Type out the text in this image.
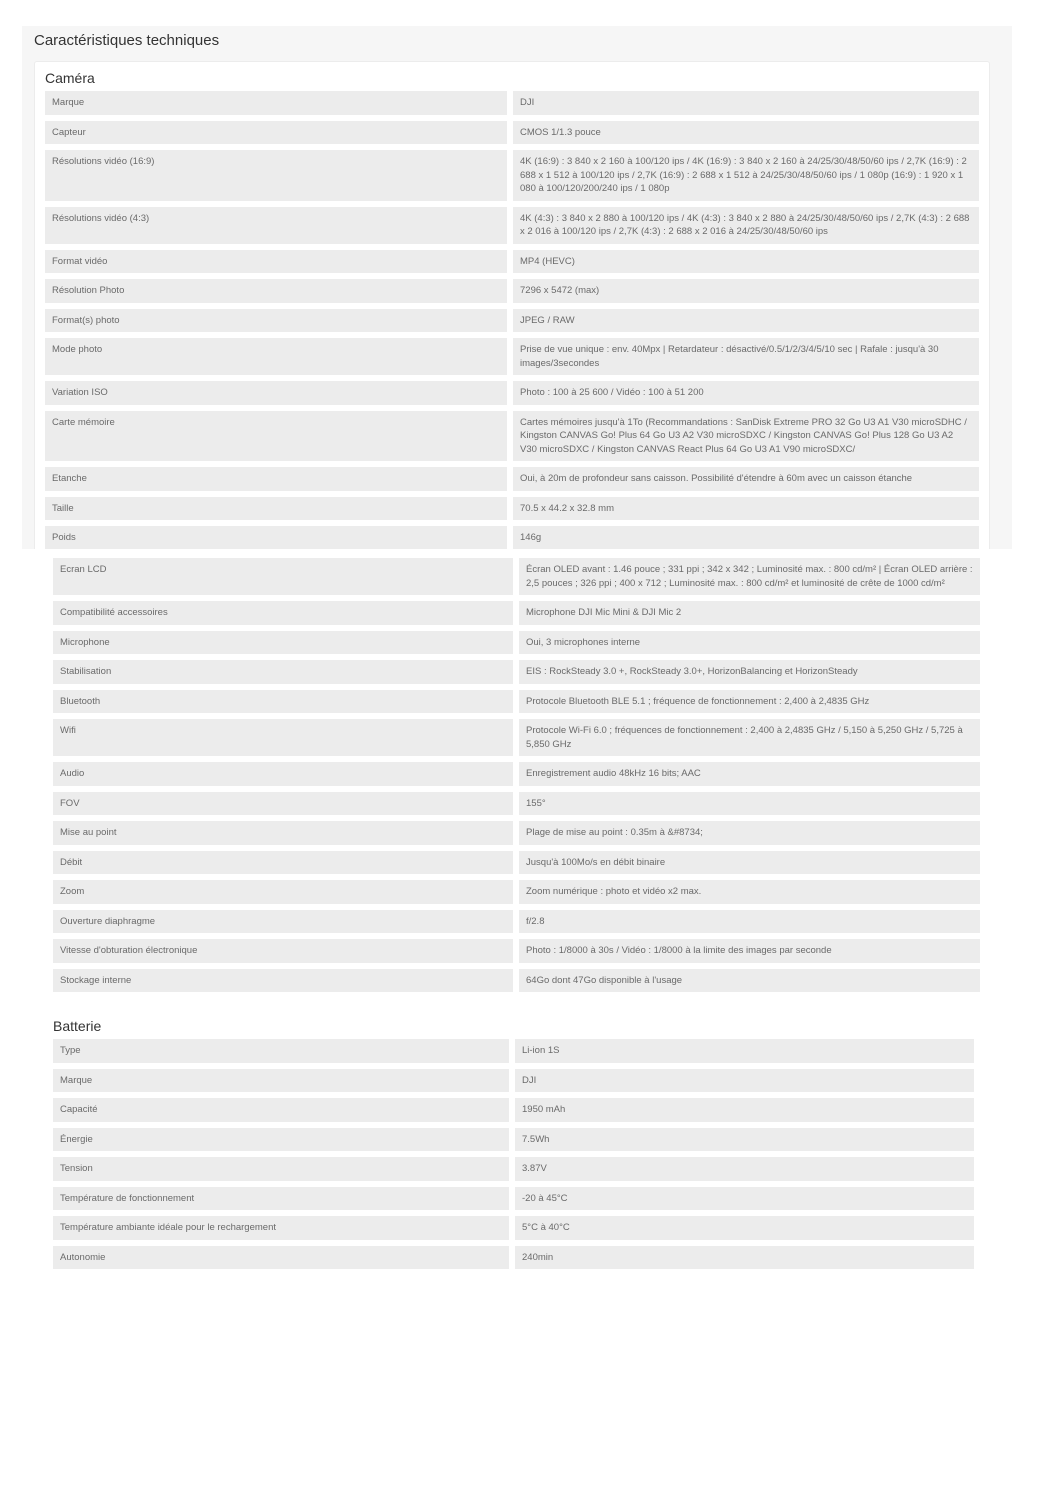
Caractéristiques techniques
Caméra
Marque	DJI
Capteur	CMOS 1/1.3 pouce
Résolutions vidéo (16:9)	4K (16:9) : 3 840 x 2 160 à 100/120 ips / 4K (16:9) : 3 840 x 2 160 à 24/25/30/48/50/60 ips / 2,7K (16:9) : 2 688 x 1 512 à 100/120 ips / 2,7K (16:9) : 2 688 x 1 512 à 24/25/30/48/50/60 ips / 1 080p (16:9) : 1 920 x 1 080 à 100/120/200/240 ips / 1 080p
Résolutions vidéo (4:3)	4K (4:3) : 3 840 x 2 880 à 100/120 ips / 4K (4:3) : 3 840 x 2 880 à 24/25/30/48/50/60 ips / 2,7K (4:3) : 2 688 x 2 016 à 100/120 ips / 2,7K (4:3) : 2 688 x 2 016 à 24/25/30/48/50/60 ips
Format vidéo	MP4 (HEVC)
Résolution Photo	7296 x 5472 (max)
Format(s) photo	JPEG / RAW
Mode photo	Prise de vue unique : env. 40Mpx | Retardateur : désactivé/0.5/1/2/3/4/5/10 sec | Rafale : jusqu'à 30 images/3secondes
Variation ISO	Photo : 100 à 25 600 / Vidéo : 100 à 51 200
Carte mémoire	Cartes mémoires jusqu'à 1To (Recommandations : SanDisk Extreme PRO 32 Go U3 A1 V30 microSDHC / Kingston CANVAS Go! Plus 64 Go U3 A2 V30 microSDXC / Kingston CANVAS Go! Plus 128 Go U3 A2 V30 microSDXC / Kingston CANVAS React Plus 64 Go U3 A1 V90 microSDXC/
Etanche	Oui, à 20m de profondeur sans caisson. Possibilité d'étendre à 60m avec un caisson étanche
Taille	70.5 x 44.2 x 32.8 mm
Poids	146g
Ecran LCD	Écran OLED avant : 1.46 pouce ; 331 ppi ; 342 x 342 ; Luminosité max. : 800 cd/m² | Écran OLED arrière : 2,5 pouces ; 326 ppi ; 400 x 712 ; Luminosité max. : 800 cd/m² et luminosité de crête de 1000 cd/m²
Compatibilité accessoires	Microphone DJI Mic Mini & DJI Mic 2
Microphone	Oui, 3 microphones interne
Stabilisation	EIS : RockSteady 3.0 +, RockSteady 3.0+, HorizonBalancing et HorizonSteady
Bluetooth	Protocole Bluetooth BLE 5.1 ; fréquence de fonctionnement : 2,400 à 2,4835 GHz
Wifi	Protocole Wi-Fi 6.0 ; fréquences de fonctionnement : 2,400 à 2,4835 GHz / 5,150 à 5,250 GHz / 5,725 à 5,850 GHz
Audio	Enregistrement audio 48kHz 16 bits; AAC
FOV	155°
Mise au point	Plage de mise au point : 0.35m à &#8734;
Débit	Jusqu'à 100Mo/s en débit binaire
Zoom	Zoom numérique : photo et vidéo x2 max.
Ouverture diaphragme	f/2.8
Vitesse d'obturation électronique	Photo : 1/8000 à 30s / Vidéo : 1/8000 à la limite des images par seconde
Stockage interne	64Go dont 47Go disponible à l'usage
Batterie
Type	Li-ion 1S
Marque	DJI
Capacité	1950 mAh
Énergie	7.5Wh
Tension	3.87V
Température de fonctionnement	-20 à 45°C
Température ambiante idéale pour le rechargement	5°C à 40°C
Autonomie	240min
